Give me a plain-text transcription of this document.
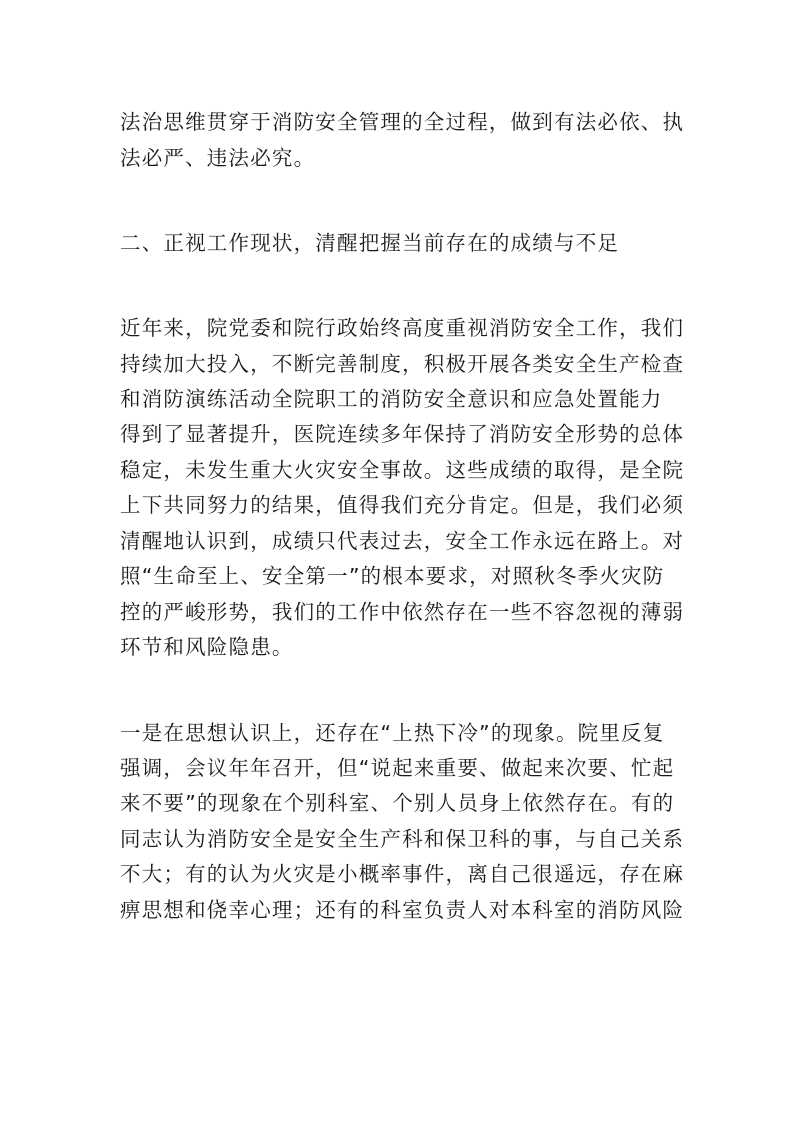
法治思维贯穿于消防安全管理的全过程，做到有法必依、执
法必严、违法必究。
二、正视工作现状，清醒把握当前存在的成绩与不足
近年来，院党委和院行政始终高度重视消防安全工作，我们
持续加大投入，不断完善制度，积极开展各类安全生产检查
和消防演练活动全院职工的消防安全意识和应急处置能力
得到了显著提升，医院连续多年保持了消防安全形势的总体
稳定，未发生重大火灾安全事故。这些成绩的取得，是全院
上下共同努力的结果，值得我们充分肯定。但是，我们必须
清醒地认识到，成绩只代表过去，安全工作永远在路上。对
照“生命至上、安全第一”的根本要求，对照秋冬季火灾防
控的严峻形势，我们的工作中依然存在一些不容忽视的薄弱
环节和风险隐患。
一是在思想认识上，还存在“上热下冷”的现象。院里反复
强调，会议年年召开，但“说起来重要、做起来次要、忙起
来不要”的现象在个别科室、个别人员身上依然存在。有的
同志认为消防安全是安全生产科和保卫科的事，与自己关系
不大；有的认为火灾是小概率事件，离自己很遥远，存在麻
痹思想和侥幸心理；还有的科室负责人对本科室的消防风险
